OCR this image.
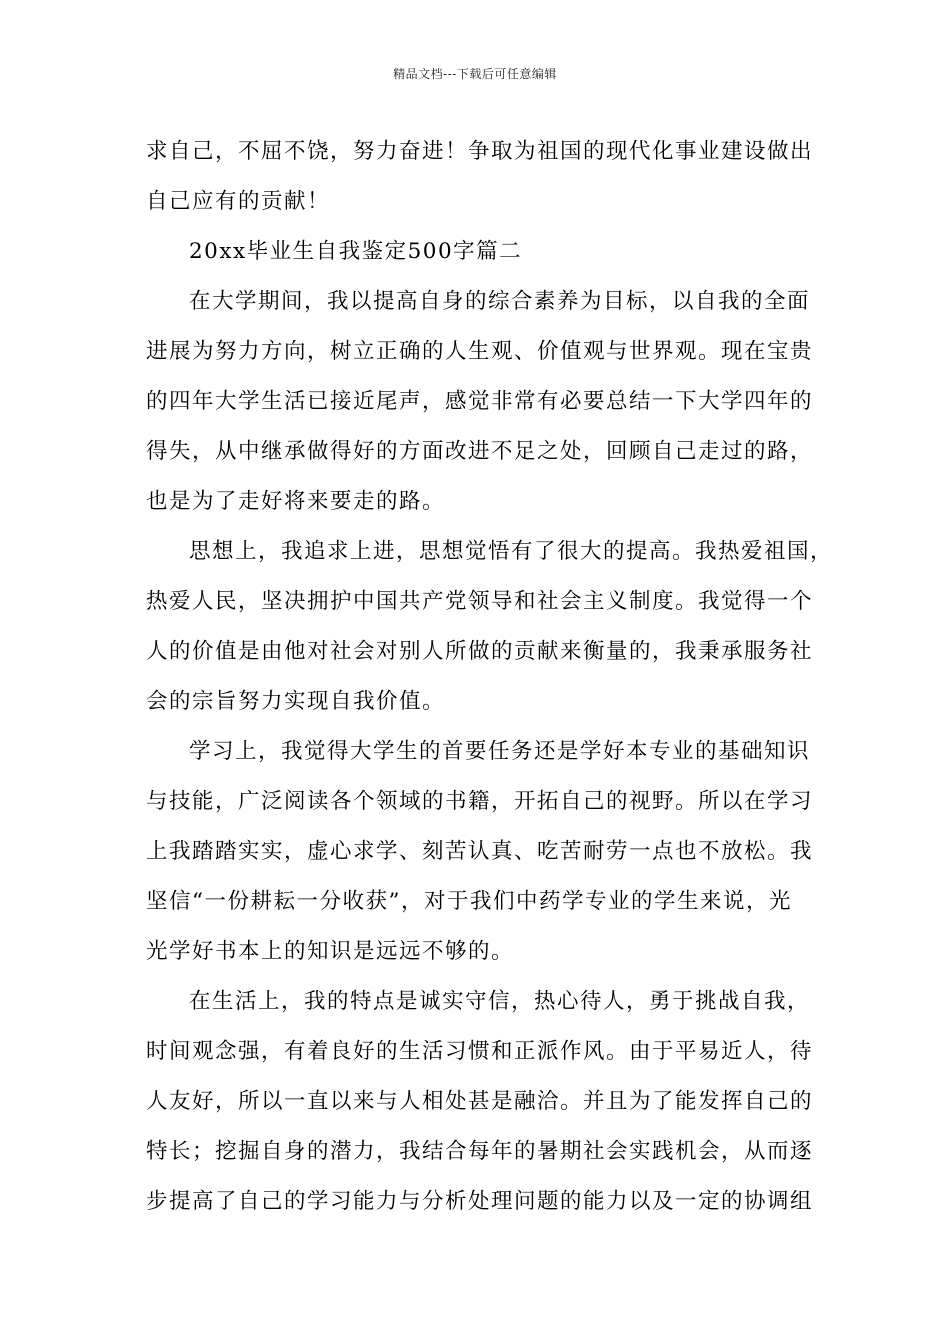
精品文档---下载后可任意编辑
求自己，不屈不饶，努力奋进！争取为祖国的现代化事业建设做出
自己应有的贡献！
20xx毕业生自我鉴定500字篇二
在大学期间，我以提高自身的综合素养为目标，以自我的全面
进展为努力方向，树立正确的人生观、价值观与世界观。现在宝贵
的四年大学生活已接近尾声，感觉非常有必要总结一下大学四年的
得失，从中继承做得好的方面改进不足之处，回顾自己走过的路，
也是为了走好将来要走的路。
思想上，我追求上进，思想觉悟有了很大的提高。我热爱祖国，
热爱人民，坚决拥护中国共产党领导和社会主义制度。我觉得一个
人的价值是由他对社会对别人所做的贡献来衡量的，我秉承服务社
会的宗旨努力实现自我价值。
学习上，我觉得大学生的首要任务还是学好本专业的基础知识
与技能，广泛阅读各个领域的书籍，开拓自己的视野。所以在学习
上我踏踏实实，虚心求学、刻苦认真、吃苦耐劳一点也不放松。我
坚信“一份耕耘一分收获”，对于我们中药学专业的学生来说，光
光学好书本上的知识是远远不够的。
在生活上，我的特点是诚实守信，热心待人，勇于挑战自我，
时间观念强，有着良好的生活习惯和正派作风。由于平易近人，待
人友好，所以一直以来与人相处甚是融洽。并且为了能发挥自己的
特长；挖掘自身的潜力，我结合每年的暑期社会实践机会，从而逐
步提高了自己的学习能力与分析处理问题的能力以及一定的协调组
